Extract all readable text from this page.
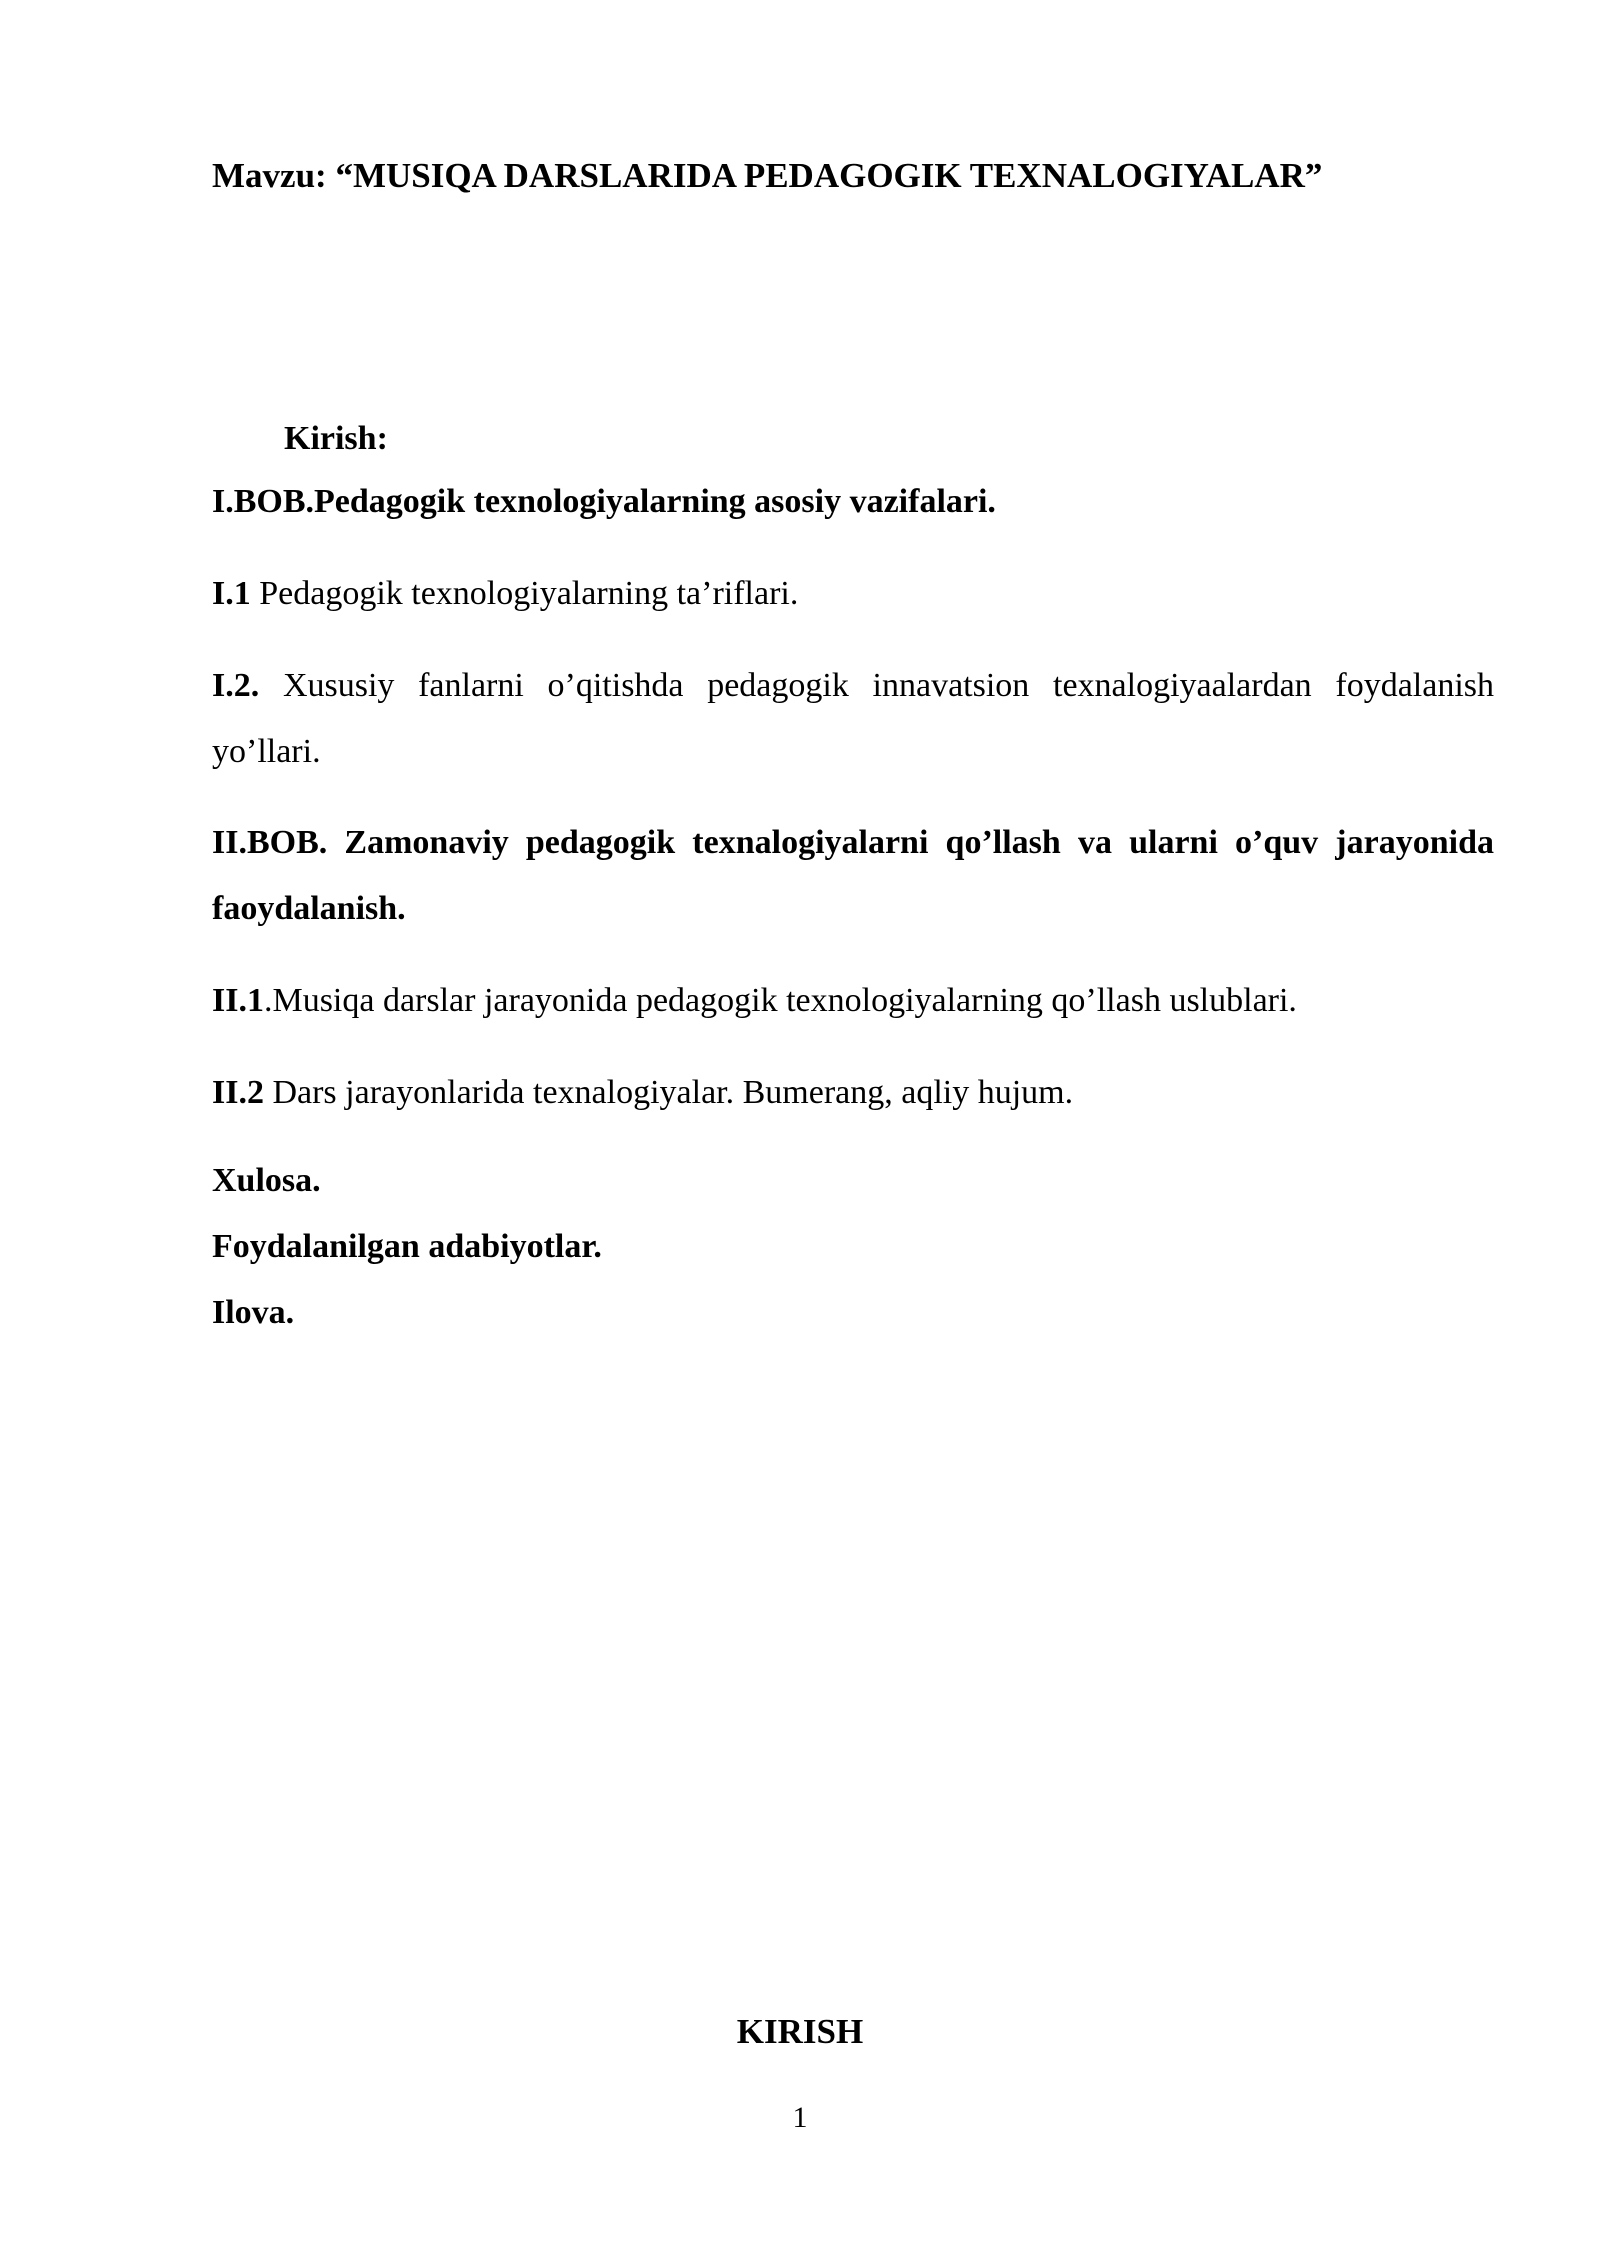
Mavzu: “MUSIQA DARSLARIDA PEDAGOGIK TEXNALOGIYALAR”

Kirish:

I.BOB.Pedagogik texnologiyalarning asosiy vazifalari.

I.1 Pedagogik texnologiyalarning ta’riflari.

I.2. Xususiy fanlarni o’qitishda pedagogik innavatsion texnalogiyaalardan foydalanish yo’llari.

II.BOB. Zamonaviy pedagogik texnalogiyalarni qo’llash va ularni o’quv jarayonida faoydalanish.

II.1.Musiqa darslar jarayonida pedagogik texnologiyalarning qo’llash uslublari.

II.2 Dars jarayonlarida texnalogiyalar. Bumerang, aqliy hujum.

Xulosa.

Foydalanilgan adabiyotlar.

Ilova.

KIRISH

1
